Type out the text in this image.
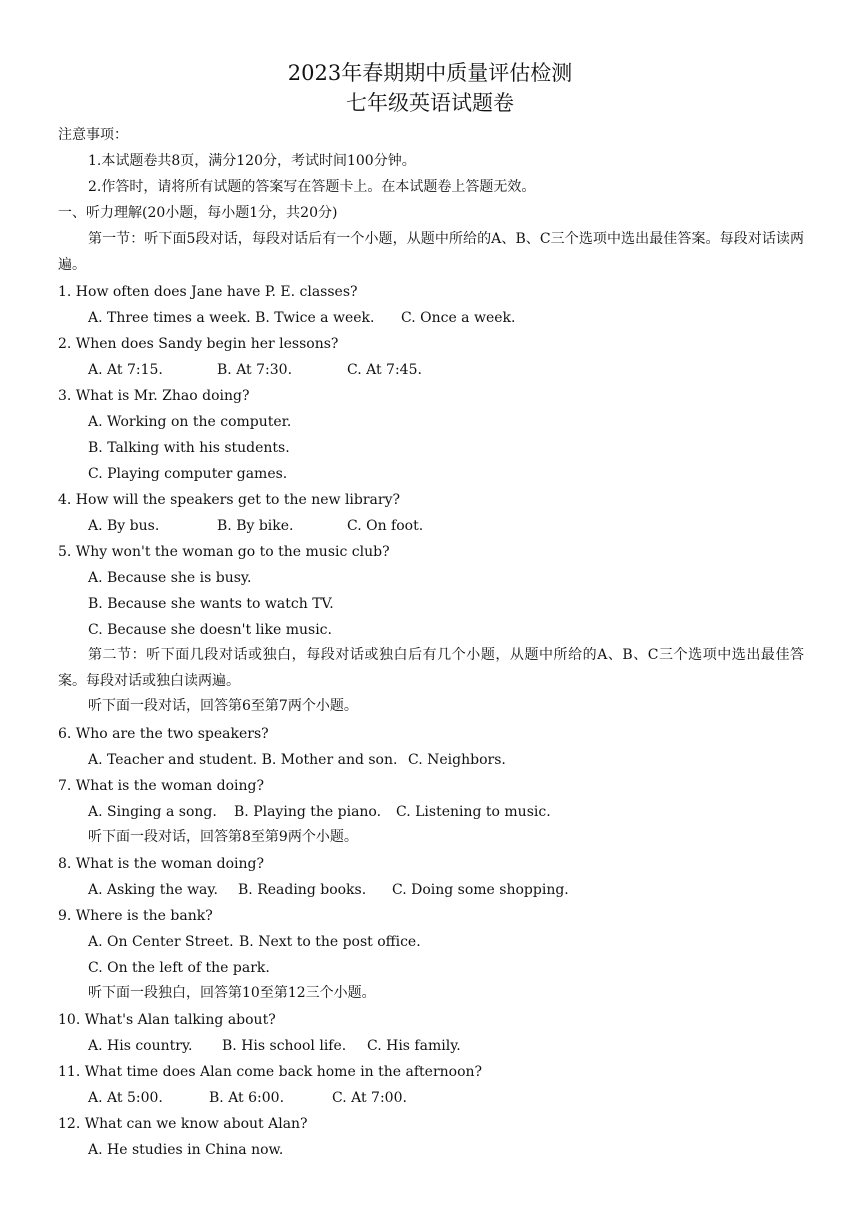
2023年春期期中质量评估检测
七年级英语试题卷
注意事项：
1.本试题卷共8页，满分120分，考试时间100分钟。
2.作答时，请将所有试题的答案写在答题卡上。在本试题卷上答题无效。
一、听力理解(20小题，每小题1分，共20分)
第一节：听下面5段对话，每段对话后有一个小题，从题中所给的A、B、C三个选项中选出最佳答案。每段对话读两遍。
1. How often does Jane have P. E. classes?
A. Three times a week. B. Twice a week. C. Once a week.
2. When does Sandy begin her lessons?
A. At 7:15.	B. At 7:30.	C. At 7:45.
3. What is Mr. Zhao doing?
A. Working on the computer.
B. Talking with his students.
C. Playing computer games.
4. How will the speakers get to the new library?
A. By bus.	B. By bike.	C. On foot.
5. Why won't the woman go to the music club?
A. Because she is busy.
B. Because she wants to watch TV.
C. Because she doesn't like music.
第二节：听下面几段对话或独白，每段对话或独白后有几个小题，从题中所给的A、B、C三个选项中选出最佳答案。每段对话或独白读两遍。
听下面一段对话，回答第6至第7两个小题。
6. Who are the two speakers?
A. Teacher and student. B. Mother and son. C. Neighbors.
7. What is the woman doing?
A. Singing a song. B. Playing the piano. C. Listening to music.
听下面一段对话，回答第8至第9两个小题。
8. What is the woman doing?
A. Asking the way. B. Reading books. C. Doing some shopping.
9. Where is the bank?
A. On Center Street. B. Next to the post office.
C. On the left of the park.
听下面一段独白，回答第10至第12三个小题。
10. What's Alan talking about?
A. His country. B. His school life. C. His family.
11. What time does Alan come back home in the afternoon?
A. At 5:00.	B. At 6:00.	C. At 7:00.
12. What can we know about Alan?
A. He studies in China now.
